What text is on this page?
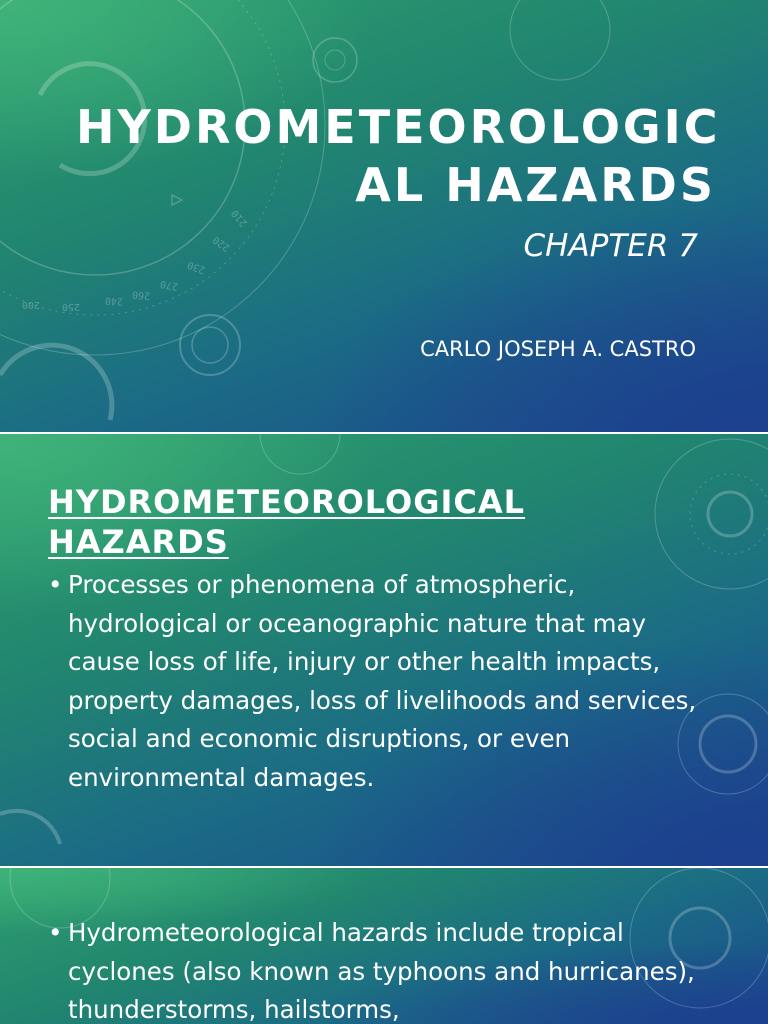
200 250
260
270
240
230
220
210
HYDROMETEOROLOGIC AL HAZARDS

CHAPTER 7

CARLO JOSEPH A. CASTRO

HYDROMETEOROLOGICAL HAZARDS
• Processes or phenomena of atmospheric, hydrological or oceanographic nature that may cause loss of life, injury or other health impacts, property damages, loss of livelihoods and services, social and economic disruptions, or even environmental damages.
• Hydrometeorological hazards include tropical cyclones (also known as typhoons and hurricanes), thunderstorms, hailstorms,
